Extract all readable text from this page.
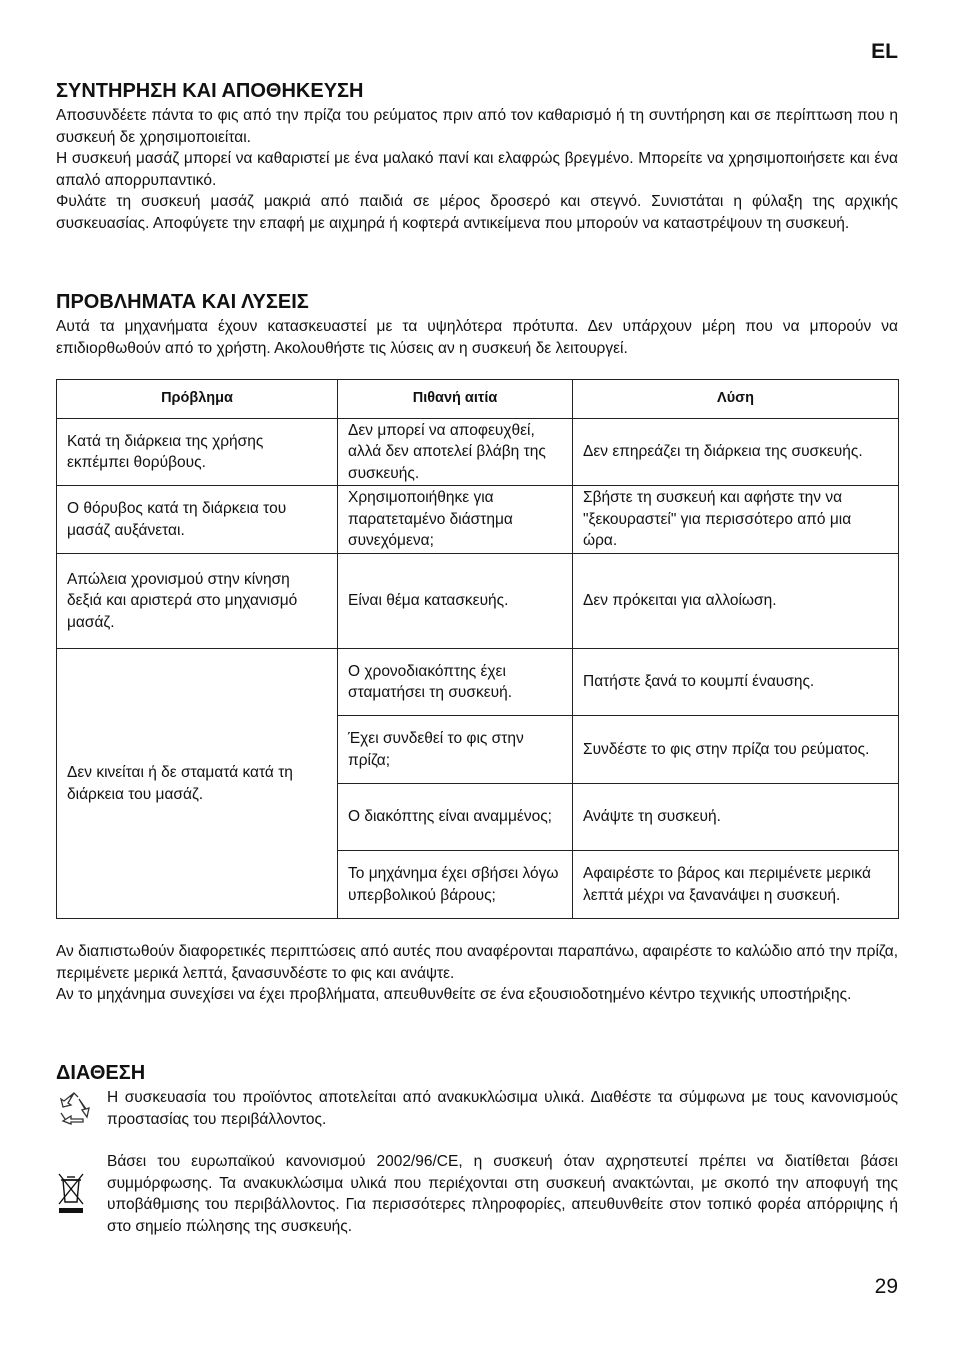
EL
ΣΥΝΤΗΡΗΣΗ ΚΑΙ ΑΠΟΘΗΚΕΥΣΗ

Αποσυνδέετε πάντα το φις από την πρίζα του ρεύματος πριν από τον καθαρισμό ή τη συντήρηση και σε περίπτωση που η συσκευή δε χρησιμοποιείται.

Η συσκευή μασάζ μπορεί να καθαριστεί με ένα μαλακό πανί και ελαφρώς βρεγμένο. Μπορείτε να χρησιμοποιήσετε και ένα απαλό απορρυπαντικό.

Φυλάτε τη συσκευή μασάζ μακριά από παιδιά σε μέρος δροσερό και στεγνό. Συνιστάται η φύλαξη της αρχικής συσκευασίας. Αποφύγετε την επαφή με αιχμηρά ή κοφτερά αντικείμενα που μπορούν να καταστρέψουν τη συσκευή.

ΠΡΟΒΛΗΜΑΤΑ ΚΑΙ ΛΥΣΕΙΣ

Αυτά τα μηχανήματα έχουν κατασκευαστεί με τα υψηλότερα πρότυπα. Δεν υπάρχουν μέρη που να μπορούν να επιδιορθωθούν από το χρήστη. Ακολουθήστε τις λύσεις αν η συσκευή δε λειτουργεί.

Πρόβλημα	Πιθανή αιτία	Λύση
Κατά τη διάρκεια της χρήσης εκπέμπει θορύβους.	Δεν μπορεί να αποφευχθεί, αλλά δεν αποτελεί βλάβη της συσκευής.	Δεν επηρεάζει τη διάρκεια της συσκευής.
Ο θόρυβος κατά τη διάρκεια του μασάζ αυξάνεται.	Χρησιμοποιήθηκε για παρατεταμένο διάστημα συνεχόμενα;	Σβήστε τη συσκευή και αφήστε την να "ξεκουραστεί" για περισσότερο από μια ώρα.
Απώλεια χρονισμού στην κίνηση δεξιά και αριστερά στο μηχανισμό μασάζ.	Είναι θέμα κατασκευής.	Δεν πρόκειται για αλλοίωση.
Δεν κινείται ή δε σταματά κατά τη διάρκεια του μασάζ.	Ο χρονοδιακόπτης έχει σταματήσει τη συσκευή.	Πατήστε ξανά το κουμπί έναυσης.
	Έχει συνδεθεί το φις στην πρίζα;	Συνδέστε το φις στην πρίζα του ρεύματος.
	Ο διακόπτης είναι αναμμένος;	Ανάψτε τη συσκευή.
	Το μηχάνημα έχει σβήσει λόγω υπερβολικού βάρους;	Αφαιρέστε το βάρος και περιμένετε μερικά λεπτά μέχρι να ξανανάψει η συσκευή.

Αν διαπιστωθούν διαφορετικές περιπτώσεις από αυτές που αναφέρονται παραπάνω, αφαιρέστε το καλώδιο από την πρίζα, περιμένετε μερικά λεπτά, ξανασυνδέστε το φις και ανάψτε.

Αν το μηχάνημα συνεχίσει να έχει προβλήματα, απευθυνθείτε σε ένα εξουσιοδοτημένο κέντρο τεχνικής υποστήριξης.

ΔΙΑΘΕΣΗ

Η συσκευασία του προϊόντος αποτελείται από ανακυκλώσιμα υλικά. Διαθέστε τα σύμφωνα με τους κανονισμούς προστασίας του περιβάλλοντος.

Βάσει του ευρωπαϊκού κανονισμού 2002/96/CE, η συσκευή όταν αχρηστευτεί πρέπει να διατίθεται βάσει συμμόρφωσης. Τα ανακυκλώσιμα υλικά που περιέχονται στη συσκευή ανακτώνται, με σκοπό την αποφυγή της υποβάθμισης του περιβάλλοντος. Για περισσότερες πληροφορίες, απευθυνθείτε στον τοπικό φορέα απόρριψης ή στο σημείο πώλησης της συσκευής.

29
